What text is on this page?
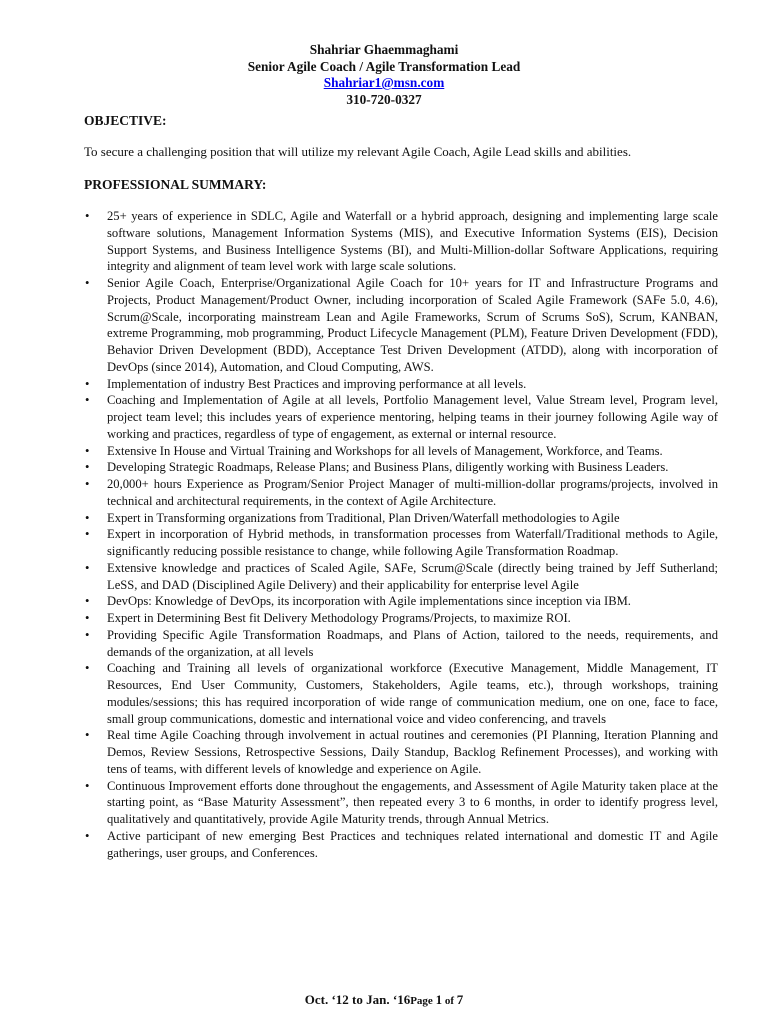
Shahriar Ghaemmaghami
Senior Agile Coach / Agile Transformation Lead
Shahriar1@msn.com
310-720-0327
OBJECTIVE:
To secure a challenging position that will utilize my relevant Agile Coach, Agile Lead skills and abilities.
PROFESSIONAL SUMMARY:
• 25+ years of experience in SDLC, Agile and Waterfall or a hybrid approach, designing and implementing large scale software solutions, Management Information Systems (MIS), and Executive Information Systems (EIS), Decision Support Systems, and Business Intelligence Systems (BI), and Multi-Million-dollar Software Applications, requiring integrity and alignment of team level work with large scale solutions.
• Senior Agile Coach, Enterprise/Organizational Agile Coach for 10+ years for IT and Infrastructure Programs and Projects, Product Management/Product Owner, including incorporation of Scaled Agile Framework (SAFe 5.0, 4.6), Scrum@Scale, incorporating mainstream Lean and Agile Frameworks, Scrum of Scrums SoS), Scrum, KANBAN, extreme Programming, mob programming, Product Lifecycle Management (PLM), Feature Driven Development (FDD), Behavior Driven Development (BDD), Acceptance Test Driven Development (ATDD), along with incorporation of DevOps (since 2014), Automation, and Cloud Computing, AWS.
• Implementation of industry Best Practices and improving performance at all levels.
• Coaching and Implementation of Agile at all levels, Portfolio Management level, Value Stream level, Program level, project team level; this includes years of experience mentoring, helping teams in their journey following Agile way of working and practices, regardless of type of engagement, as external or internal resource.
• Extensive In House and Virtual Training and Workshops for all levels of Management, Workforce, and Teams.
• Developing Strategic Roadmaps, Release Plans; and Business Plans, diligently working with Business Leaders.
• 20,000+ hours Experience as Program/Senior Project Manager of multi-million-dollar programs/projects, involved in technical and architectural requirements, in the context of Agile Architecture.
• Expert in Transforming organizations from Traditional, Plan Driven/Waterfall methodologies to Agile
• Expert in incorporation of Hybrid methods, in transformation processes from Waterfall/Traditional methods to Agile, significantly reducing possible resistance to change, while following Agile Transformation Roadmap.
• Extensive knowledge and practices of Scaled Agile, SAFe, Scrum@Scale (directly being trained by Jeff Sutherland; LeSS, and DAD (Disciplined Agile Delivery) and their applicability for enterprise level Agile
• DevOps: Knowledge of DevOps, its incorporation with Agile implementations since inception via IBM.
• Expert in Determining Best fit Delivery Methodology Programs/Projects, to maximize ROI.
• Providing Specific Agile Transformation Roadmaps, and Plans of Action, tailored to the needs, requirements, and demands of the organization, at all levels
• Coaching and Training all levels of organizational workforce (Executive Management, Middle Management, IT Resources, End User Community, Customers, Stakeholders, Agile teams, etc.), through workshops, training modules/sessions; this has required incorporation of wide range of communication medium, one on one, face to face, small group communications, domestic and international voice and video conferencing, and travels
• Real time Agile Coaching through involvement in actual routines and ceremonies (PI Planning, Iteration Planning and Demos, Review Sessions, Retrospective Sessions, Daily Standup, Backlog Refinement Processes), and working with tens of teams, with different levels of knowledge and experience on Agile.
• Continuous Improvement efforts done throughout the engagements, and Assessment of Agile Maturity taken place at the starting point, as “Base Maturity Assessment”, then repeated every 3 to 6 months, in order to identify progress level, qualitatively and quantitatively, provide Agile Maturity trends, through Annual Metrics.
• Active participant of new emerging Best Practices and techniques related international and domestic IT and Agile gatherings, user groups, and Conferences.
Oct. ‘12 to Jan. ‘16Page 1 of 7
